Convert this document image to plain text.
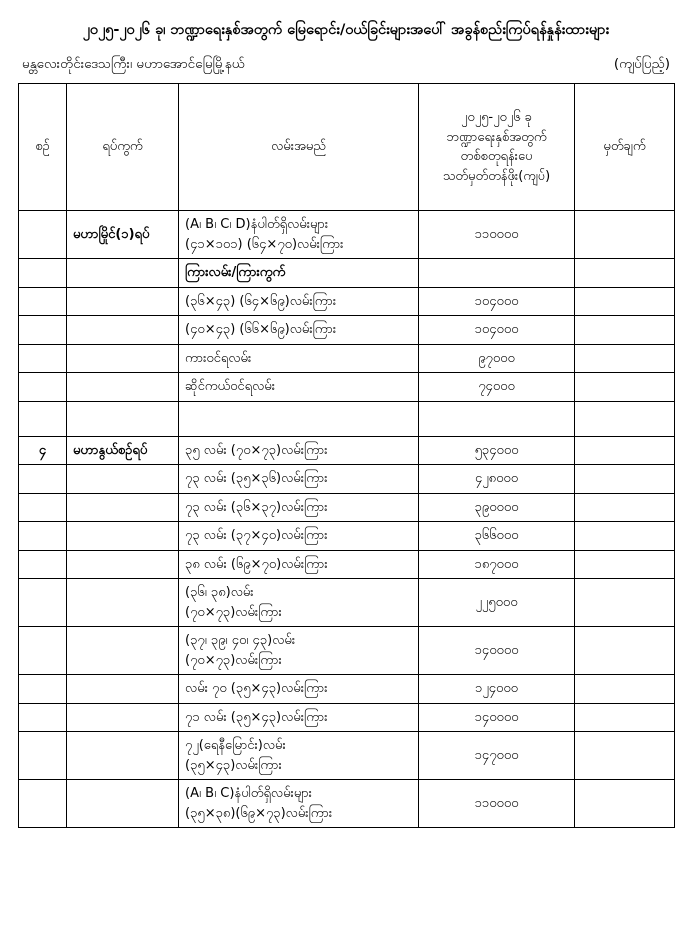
၂၀၂၅-၂၀၂၆ ခု၊ ဘဏ္ဍာရေးနှစ်အတွက် မြေရောင်း/ဝယ်ခြင်းများအပေါ် အခွန်စည်းကြပ်ရန်နှုန်းထားများ
မန္တလေးတိုင်းဒေသကြီး၊ မဟာအောင်မြေမြို့နယ်	(ကျပ်ပြည့်)
စဉ်	ရပ်ကွက်	လမ်းအမည်	၂၀၂၅-၂၀၂၆ ခု
ဘဏ္ဍာရေးနှစ်အတွက်
တစ်စတုရန်းပေ
သတ်မှတ်တန်ဖိုး(ကျပ်)	မှတ်ချက်
	မဟာမြိုင်(၁)ရပ်	(A၊ B၊ C၊ D)နံပါတ်ရှိလမ်းများ
(၄၁×၁၀၁) (၆၄×၇၀)လမ်းကြား	၁၁၀၀၀၀	

		ကြားလမ်း/ကြားကွက်		

		(၃၆×၄၃) (၆၄×၆၉)လမ်းကြား	၁၀၄၀၀၀	

		(၄၀×၄၃) (၆၆×၆၉)လမ်းကြား	၁၀၄၀၀၀	

		ကားဝင်ရလမ်း	၉၇၀၀၀	

		ဆိုင်ကယ်ဝင်ရလမ်း	၇၄၀၀၀	

၄	မဟာနွယ်စဉ်ရပ်	၃၅ လမ်း (၇၀×၇၃)လမ်းကြား	၅၃၄၀၀၀	

		၇၃ လမ်း (၃၅×၃၆)လမ်းကြား	၄၂၈၀၀၀	

		၇၃ လမ်း (၃၆×၃၇)လမ်းကြား	၃၉၀၀၀၀	

		၇၃ လမ်း (၃၇×၄၀)လမ်းကြား	၃၆၆၀၀၀	

		၃၈ လမ်း (၆၉×၇၀)လမ်းကြား	၁၈၇၀၀၀	

		(၃၆၊ ၃၈)လမ်း
(၇၀×၇၃)လမ်းကြား	၂၂၅၀၀၀	

		(၃၇၊ ၃၉၊ ၄၀၊ ၄၃)လမ်း
(၇၀×၇၃)လမ်းကြား	၁၄၀၀၀၀	

		လမ်း ၇၀ (၃၅×၄၃)လမ်းကြား	၁၂၄၀၀၀	

		၇၁ လမ်း (၃၅×၄၃)လမ်းကြား	၁၄၀၀၀၀	

		၇၂(ရေနီမြောင်း)လမ်း
(၃၅×၄၃)လမ်းကြား	၁၄၇၀၀၀	

		(A၊ B၊ C)နံပါတ်ရှိလမ်းများ
(၃၅×၃၈)(၆၉×၇၃)လမ်းကြား	၁၁၀၀၀၀	
